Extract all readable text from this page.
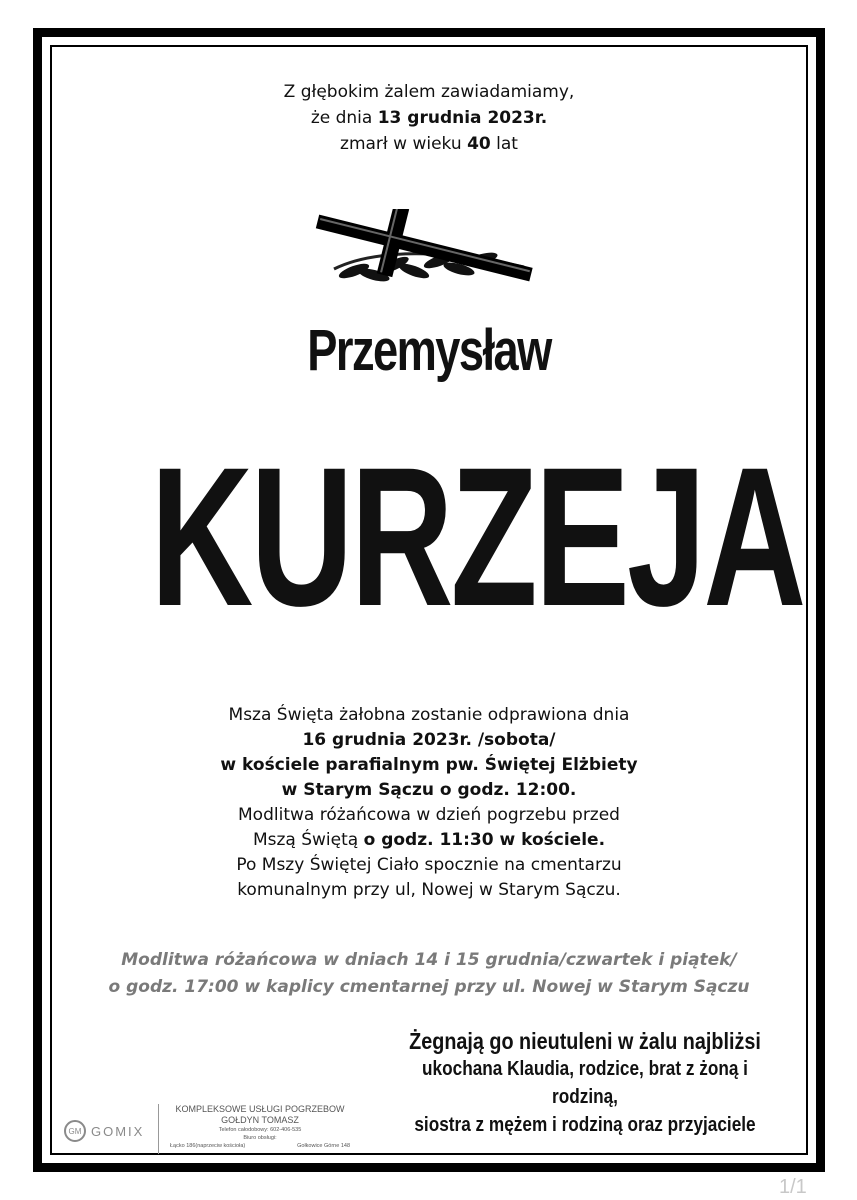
Z głębokim żalem zawiadamiamy,
że dnia 13 grudnia 2023r.
zmarł w wieku 40 lat
Przemysław
KURZEJA
Msza Święta żałobna zostanie odprawiona dnia
16 grudnia 2023r. /sobota/
w kościele parafialnym pw. Świętej Elżbiety
w Starym Sączu o godz. 12:00.
Modlitwa różańcowa w dzień pogrzebu przed
Mszą Świętą o godz. 11:30 w kościele.
Po Mszy Świętej Ciało spocznie na cmentarzu
komunalnym przy ul, Nowej w Starym Sączu.
Modlitwa różańcowa w dniach 14 i 15 grudnia/czwartek i piątek/
o godz. 17:00 w kaplicy cmentarnej przy ul. Nowej w Starym Sączu
Żegnają go nieutuleni w żalu najbliżsi
ukochana Klaudia, rodzice, brat z żoną i rodziną,
siostra z mężem i rodziną oraz przyjaciele
GM GOMIX
KOMPLEKSOWE USŁUGI POGRZEBOW
GOŁDYN TOMASZ
Telefon całodobowy: 602-406-535
Biuro obsługi:
Łącko 186(naprzeciw kościoła)	Gołkowice Górne 148
1/1
